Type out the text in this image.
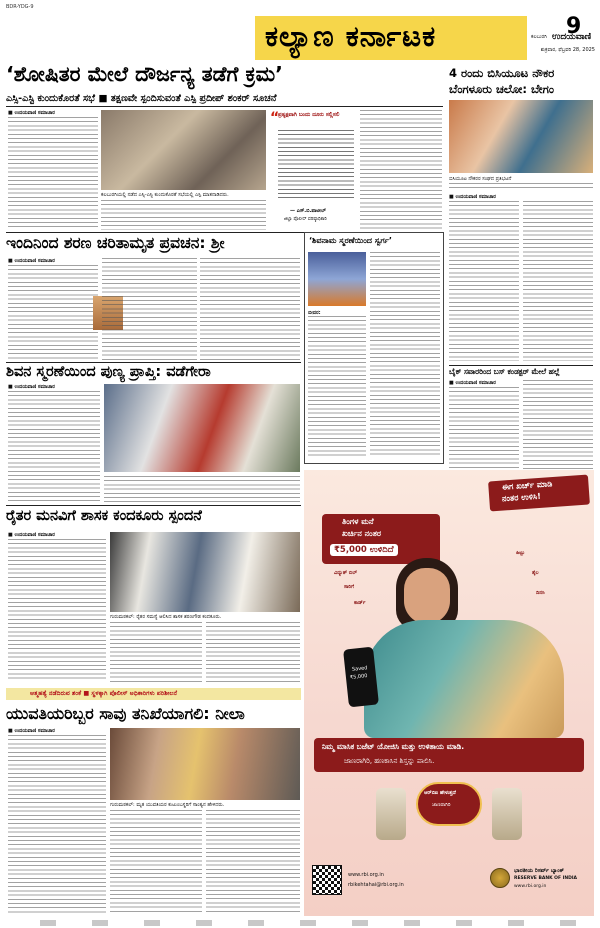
BDR-YDG-9
ಕಲ್ಯಾಣ ಕರ್ನಾಟಕ	9
ಕಲಬುರಗಿ ಉದಯವಾಣಿ
ಶುಕ್ರವಾರ, ಫೆಬ್ರವರಿ 28, 2025
‘ಶೋಷಿತರ ಮೇಲೆ ದೌರ್ಜನ್ಯ ತಡೆಗೆ ಕ್ರಮ’
ಎಸ್ಸಿ-ಎಸ್ಟಿ ಕುಂದುಕೊರತೆ ಸಭೆ ■ ತಕ್ಷಣವೇ ಸ್ಪಂದಿಸುವಂತೆ ಎಸ್ಪಿ ಪ್ರದೀಪ್ ಶಂಕರ್ ಸೂಚನೆ
■ ಉದಯವಾಣಿ ಸಮಾಚಾರ
ಕಲಬುರಗಿಯಲ್ಲಿ ನಡೆದ ಎಸ್ಸಿ-ಎಸ್ಟಿ ಕುಂದುಕೊರತೆ ಸಭೆಯಲ್ಲಿ ಎಸ್ಪಿ ಮಾತನಾಡಿದರು.
“
ಪ್ರತ್ಯಕ್ಷವಾಗಿ ಬಂದು ದೂರು ಸಲ್ಲಿಸಲಿ
— ಎಸ್.ಬಿ.ಪಾಟೀಲ್
ಜಿಲ್ಲಾ ಪೊಲೀಸ್ ವರಿಷ್ಠಾಧಿಕಾರಿ
4 ರಂದು ಬಿಸಿಯೂಟ ನೌಕರ
ಬೆಂಗಳೂರು ಚಲೋ: ಬೇಗಂ
ಬಿಸಿಯೂಟ ನೌಕರರ ಸಂಘದ ಪ್ರತಿಭಟನೆ
■ ಉದಯವಾಣಿ ಸಮಾಚಾರ
ಇಂದಿನಿಂದ ಶರಣ ಚರಿತಾಮೃತ ಪ್ರವಚನ: ಶ್ರೀ
■ ಉದಯವಾಣಿ ಸಮಾಚಾರ
‘ಶಿವನಾಮ ಸ್ಮರಣೆಯಿಂದ ಸ್ವರ್ಗ’
ಬೀದರ:
ಶಿವನ ಸ್ಮರಣೆಯಿಂದ ಪುಣ್ಯ ಪ್ರಾಪ್ತಿ: ವಡೆಗೇರಾ
■ ಉದಯವಾಣಿ ಸಮಾಚಾರ
ಬೈಕ್ ಸವಾರರಿಂದ ಬಸ್ ಕಂಡಕ್ಟರ್ ಮೇಲೆ ಹಲ್ಲೆ
■ ಉದಯವಾಣಿ ಸಮಾಚಾರ
ರೈತರ ಮನವಿಗೆ ಶಾಸಕ ಕಂದಕೂರು ಸ್ಪಂದನೆ
■ ಉದಯವಾಣಿ ಸಮಾಚಾರ
ಗುರುಮಠಕಲ್: ರೈತರ ಸಮಸ್ಯೆ ಆಲಿಸಿದ ಶಾಸಕ ಶರಣಗೌಡ ಕಂದಕೂರು.
ಆತ್ಮಹತ್ಯೆ ನಡೆದಿರುವ ಶಂಕೆ ■ ಸ್ಥಳಕ್ಕಾಗಿ ಪೊಲೀಸ್ ಅಧಿಕಾರಿಗಳು ಪರಿಶೀಲನೆ
ಯುವತಿಯರಿಬ್ಬರ ಸಾವು ತನಿಖೆಯಾಗಲಿ: ನೀಲಾ
■ ಉದಯವಾಣಿ ಸಮಾಚಾರ
ಗುರುಮಠಕಲ್: ಮೃತ ಯುವತಿಯರ ಕುಟುಂಬಸ್ಥರಿಗೆ ಸಾಂತ್ವನ ಹೇಳಿದರು.
ಈಗ ಖರ್ಚ್ ಮಾಡಿ
ನಂತರ ಉಳಿಸಿ!
ತಿಂಗಳ ಮನೆ
ಖರ್ಚಿನ ನಂತರ
₹5,000 ಉಳಿದಿದೆ
Saved
₹5,000
ವಿದ್ಯುತ್ ಬಿಲ್
ಸಾರಿಗೆ
ಕಾರ್ಡ್
ಹಿಟ್ಟು
ತೈಲ
ದಿನಸಿ
ನಿಮ್ಮ ಮಾಸಿಕ ಬಜೆಟ್ ಯೋಜಿಸಿ ಮತ್ತು ಉಳಿತಾಯ ಮಾಡಿ.
ಜಾಣರಾಗಿರಿ, ಹಣಕಾಸಿನ ಶಿಸ್ತನ್ನು ಪಾಲಿಸಿ.
ಆರ್‌ಬಿಐ ಹೇಳುತ್ತದೆ
ಜಾಣರಾಗಿರಿ
www.rbi.org.in
rbikehtahai@rbi.org.in
ಭಾರತೀಯ ರಿಸರ್ವ್ ಬ್ಯಾಂಕ್
RESERVE BANK OF INDIA
www.rbi.org.in
